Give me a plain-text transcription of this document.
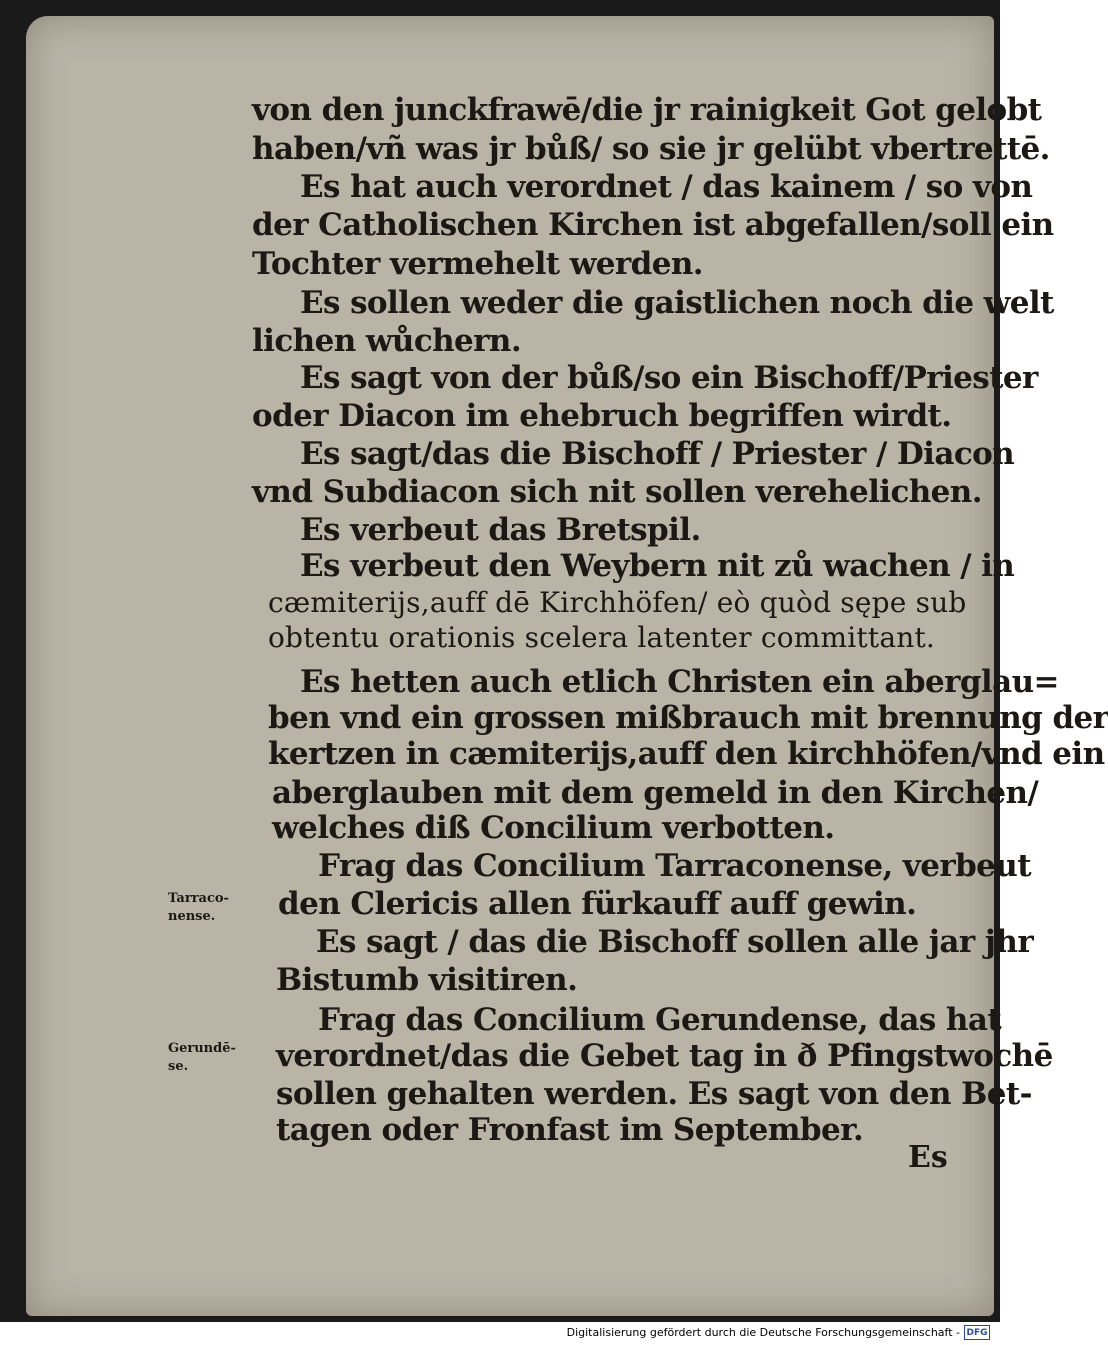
von den junckfrawē/die jr rainigkeit Got gelobt
haben/vñ was jr bůß/ so sie jr gelübt vbertrettē.
Es hat auch verordnet / das kainem / so von
der Catholischen Kirchen ist abgefallen/soll ein
Tochter vermehelt werden.
Es sollen weder die gaistlichen noch die welt
lichen wůchern.
Es sagt von der bůß/so ein Bischoff/Priester
oder Diacon im ehebruch begriffen wirdt.
Es sagt/das die Bischoff / Priester / Diacon
vnd Subdiacon sich nit sollen verehelichen.
Es verbeut das Bretspil.
Es verbeut den Weybern nit zů wachen / in
cæmiterijs,auff dē Kirchhöfen/ eò quòd sępe sub
obtentu orationis scelera latenter committant.
Es hetten auch etlich Christen ein aberglau=
ben vnd ein grossen mißbrauch mit brennung der
kertzen in cæmiterijs,auff den kirchhöfen/vnd ein
aberglauben mit dem gemeld in den Kirchen/
welches diß Concilium verbotten.
Frag das Concilium Tarraconense, verbeut
den Clericis allen fürkauff auff gewin.
Es sagt / das die Bischoff sollen alle jar jhr
Bistumb visitiren.
Frag das Concilium Gerundense, das hat
verordnet/das die Gebet tag in ð Pfingstwochē
sollen gehalten werden. Es sagt von den Bet-
tagen oder Fronfast im September.
Tarraco-
nense.
Gerundē-
se.
Es
Digitalisierung gefördert durch die Deutsche Forschungsgemeinschaft - DFG
